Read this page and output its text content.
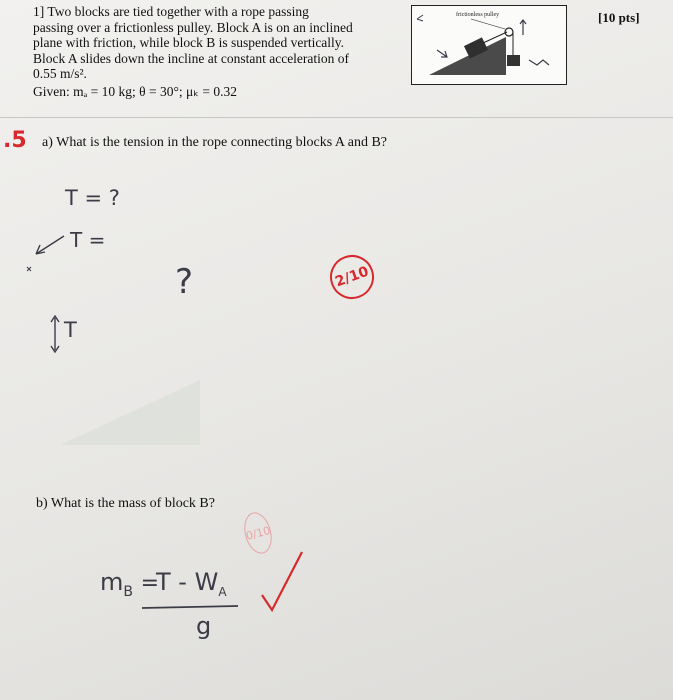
1] Two blocks are tied together with a rope passing

passing over a frictionless pulley. Block A is on an inclined

plane with friction, while block B is suspended vertically.

Block A slides down the incline at constant acceleration of

0.55 m/s².

Given: mₐ = 10 kg; θ = 30°; μₖ = 0.32
[10 pts]
frictionless pulley
.5 a) What is the tension in the rope connecting blocks A and B?
T = ?
T =
T
?	2/10
b) What is the mass of block B?
0/10
$m_B$ =
T - $W_A$
g
